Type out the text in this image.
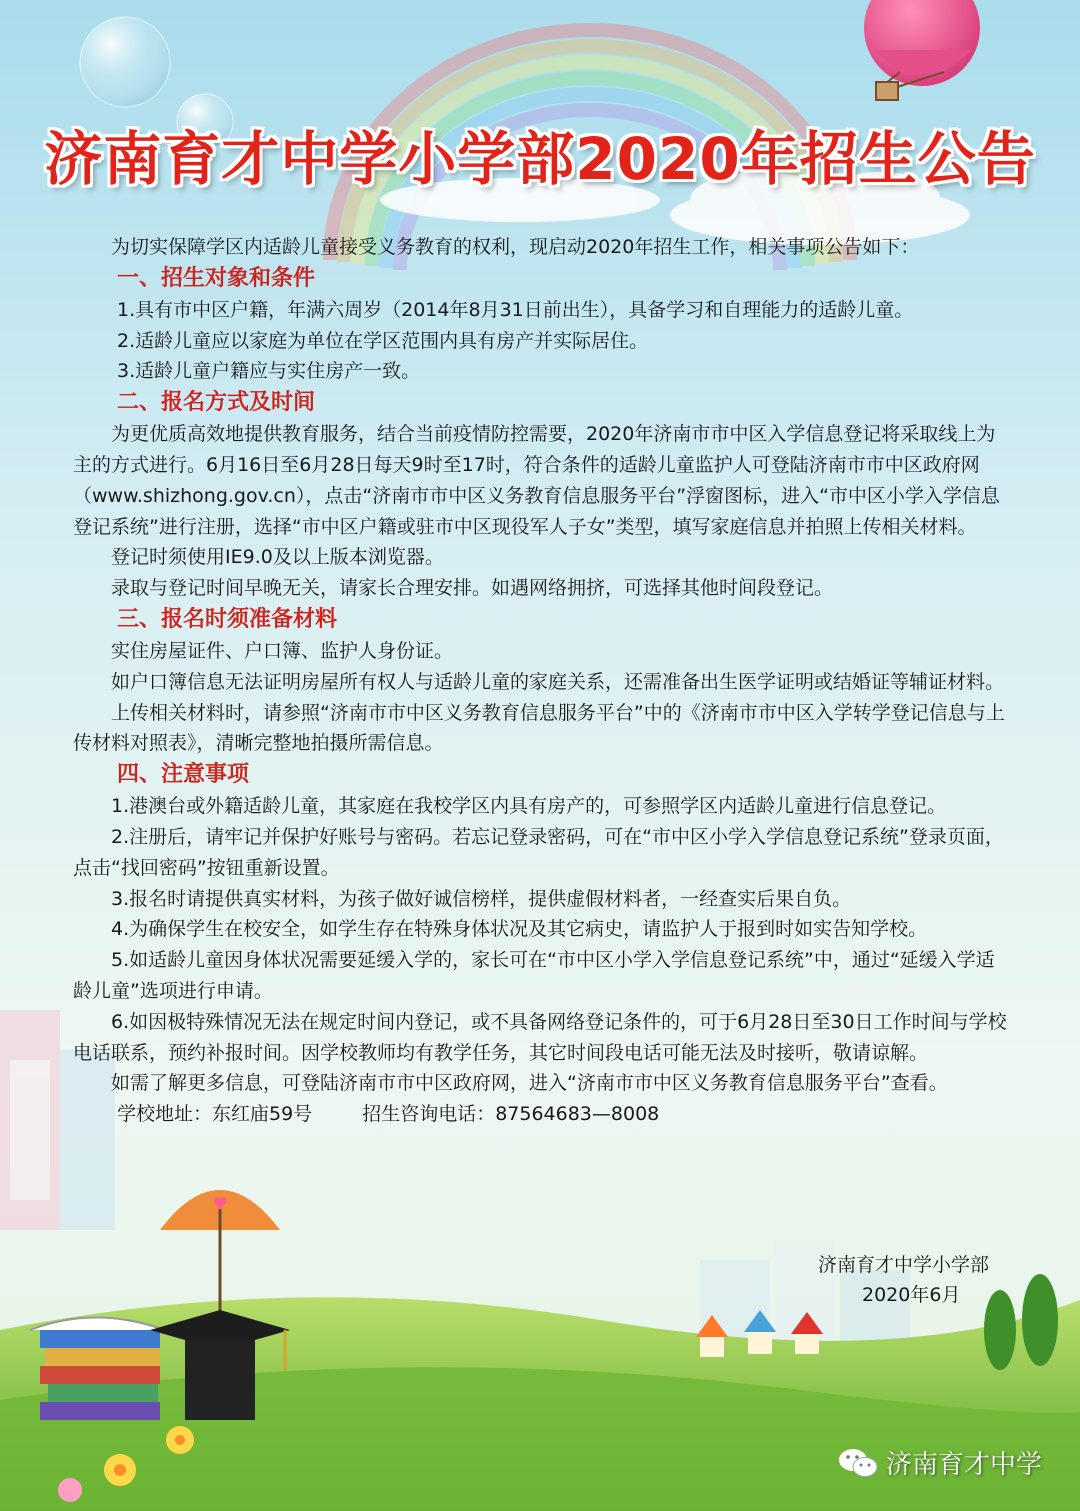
♥
济南育才中学小学部2020年招生公告

为切实保障学区内适龄儿童接受义务教育的权利，现启动2020年招生工作，相关事项公告如下：

一、招生对象和条件

1.具有市中区户籍，年满六周岁（2014年8月31日前出生），具备学习和自理能力的适龄儿童。

2.适龄儿童应以家庭为单位在学区范围内具有房产并实际居住。

3.适龄儿童户籍应与实住房产一致。

二、报名方式及时间

为更优质高效地提供教育服务，结合当前疫情防控需要，2020年济南市市中区入学信息登记将采取线上为主的方式进行。6月16日至6月28日每天9时至17时，符合条件的适龄儿童监护人可登陆济南市市中区政府网（www.shizhong.gov.cn），点击“济南市市中区义务教育信息服务平台”浮窗图标，进入“市中区小学入学信息登记系统”进行注册，选择“市中区户籍或驻市中区现役军人子女”类型，填写家庭信息并拍照上传相关材料。

登记时须使用IE9.0及以上版本浏览器。

录取与登记时间早晚无关，请家长合理安排。如遇网络拥挤，可选择其他时间段登记。

三、报名时须准备材料

实住房屋证件、户口簿、监护人身份证。

如户口簿信息无法证明房屋所有权人与适龄儿童的家庭关系，还需准备出生医学证明或结婚证等辅证材料。

上传相关材料时，请参照“济南市市中区义务教育信息服务平台”中的《济南市市中区入学转学登记信息与上传材料对照表》，清晰完整地拍摄所需信息。

四、注意事项

1.港澳台或外籍适龄儿童，其家庭在我校学区内具有房产的，可参照学区内适龄儿童进行信息登记。

2.注册后，请牢记并保护好账号与密码。若忘记登录密码，可在“市中区小学入学信息登记系统”登录页面，点击“找回密码”按钮重新设置。

3.报名时请提供真实材料，为孩子做好诚信榜样，提供虚假材料者，一经查实后果自负。

4.为确保学生在校安全，如学生存在特殊身体状况及其它病史，请监护人于报到时如实告知学校。

5.如适龄儿童因身体状况需要延缓入学的，家长可在“市中区小学入学信息登记系统”中，通过“延缓入学适龄儿童”选项进行申请。

6.如因极特殊情况无法在规定时间内登记，或不具备网络登记条件的，可于6月28日至30日工作时间与学校电话联系，预约补报时间。因学校教师均有教学任务，其它时间段电话可能无法及时接听，敬请谅解。

如需了解更多信息，可登陆济南市市中区政府网，进入“济南市市中区义务教育信息服务平台”查看。

学校地址：东红庙59号	招生咨询电话：87564683—8008

济南育才中学小学部
2020年6月
济南育才中学
